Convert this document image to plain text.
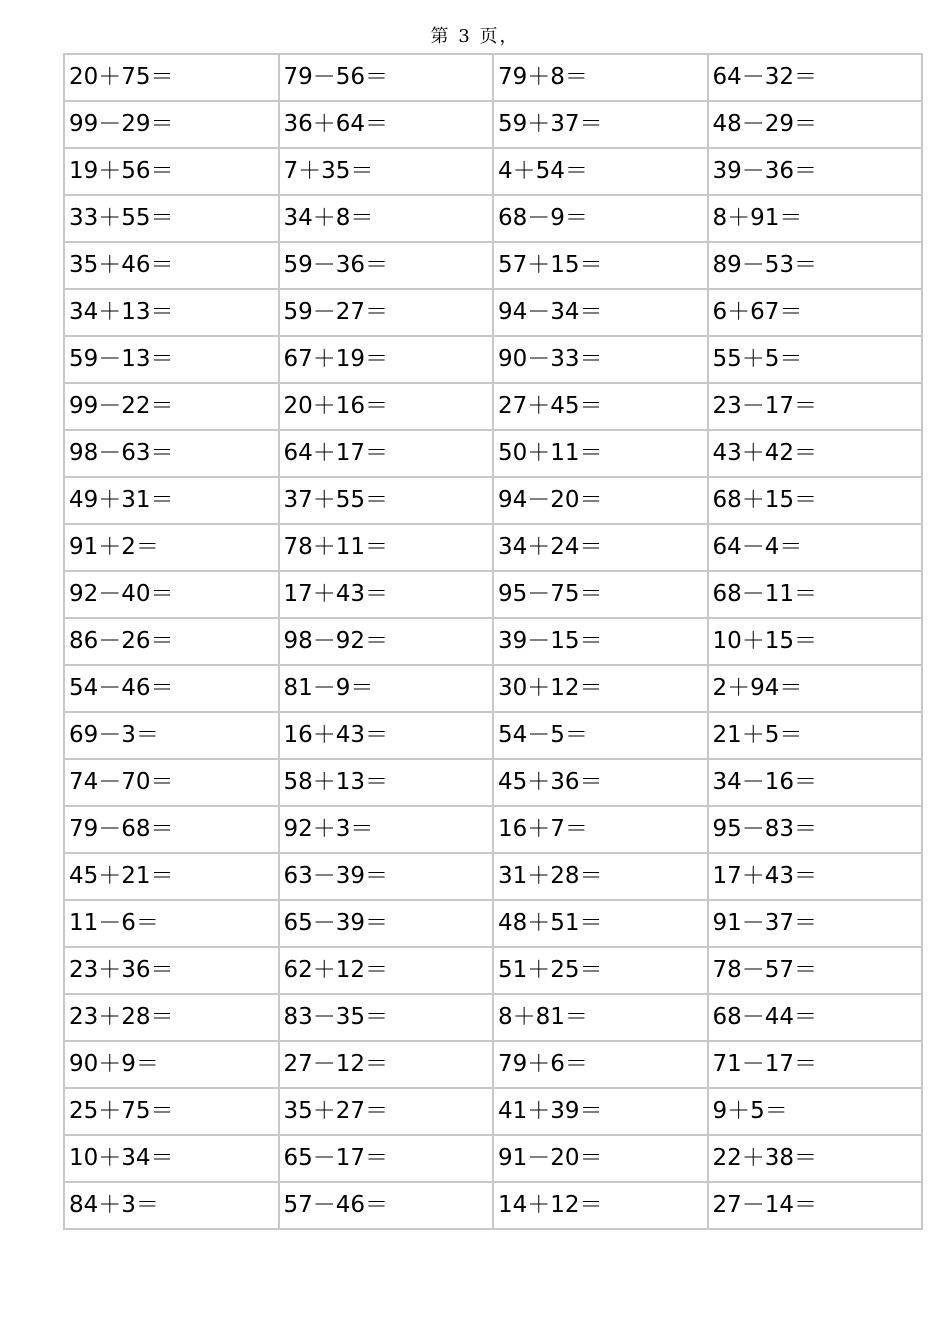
第 3 页，
20＋75＝	79－56＝	79＋8＝	64－32＝
99－29＝	36＋64＝	59＋37＝	48－29＝
19＋56＝	7＋35＝	4＋54＝	39－36＝
33＋55＝	34＋8＝	68－9＝	8＋91＝
35＋46＝	59－36＝	57＋15＝	89－53＝
34＋13＝	59－27＝	94－34＝	6＋67＝
59－13＝	67＋19＝	90－33＝	55＋5＝
99－22＝	20＋16＝	27＋45＝	23－17＝
98－63＝	64＋17＝	50＋11＝	43＋42＝
49＋31＝	37＋55＝	94－20＝	68＋15＝
91＋2＝	78＋11＝	34＋24＝	64－4＝
92－40＝	17＋43＝	95－75＝	68－11＝
86－26＝	98－92＝	39－15＝	10＋15＝
54－46＝	81－9＝	30＋12＝	2＋94＝
69－3＝	16＋43＝	54－5＝	21＋5＝
74－70＝	58＋13＝	45＋36＝	34－16＝
79－68＝	92＋3＝	16＋7＝	95－83＝
45＋21＝	63－39＝	31＋28＝	17＋43＝
11－6＝	65－39＝	48＋51＝	91－37＝
23＋36＝	62＋12＝	51＋25＝	78－57＝
23＋28＝	83－35＝	8＋81＝	68－44＝
90＋9＝	27－12＝	79＋6＝	71－17＝
25＋75＝	35＋27＝	41＋39＝	9＋5＝
10＋34＝	65－17＝	91－20＝	22＋38＝
84＋3＝	57－46＝	14＋12＝	27－14＝
